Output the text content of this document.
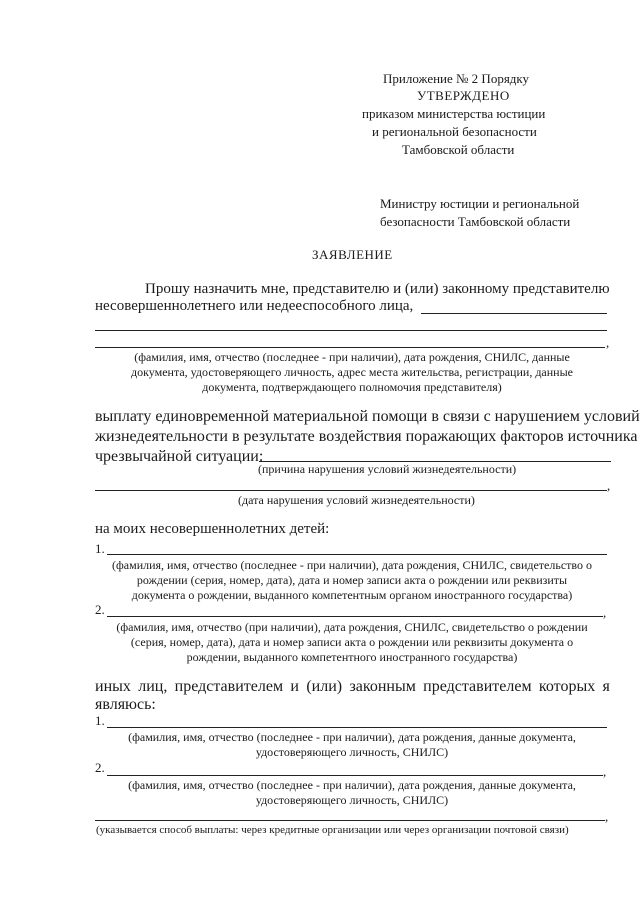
Приложение № 2 Порядку
УТВЕРЖДЕНО
приказом министерства юстиции
и региональной безопасности
Тамбовской области
Министру юстиции и региональной
безопасности Тамбовской области
ЗАЯВЛЕНИЕ
Прошу назначить мне, представителю и (или) законному представителю
несовершеннолетнего или недееспособного лица,
,
(фамилия, имя, отчество (последнее - при наличии), дата рождения, СНИЛС, данные
документа, удостоверяющего личность, адрес места жительства, регистрации, данные
документа, подтверждающего полномочия представителя)
выплату единовременной материальной помощи в связи с нарушением условий
жизнедеятельности в результате воздействия поражающих факторов источника
чрезвычайной ситуации:
(причина нарушения условий жизнедеятельности)
,
(дата нарушения условий жизнедеятельности)
на моих несовершеннолетних детей:
1.
(фамилия, имя, отчество (последнее - при наличии), дата рождения, СНИЛС, свидетельство о
рождении (серия, номер, дата), дата и номер записи акта о рождении или реквизиты
документа о рождении, выданного компетентным органом иностранного государства)
2.	,
(фамилия, имя, отчество (при наличии), дата рождения, СНИЛС, свидетельство о рождении
(серия, номер, дата), дата и номер записи акта о рождении или реквизиты документа о
рождении, выданного компетентного иностранного государства)
иных лиц, представителем и (или) законным представителем которых я
являюсь:
1.
(фамилия, имя, отчество (последнее - при наличии), дата рождения, данные документа,
удостоверяющего личность, СНИЛС)
2.	,
(фамилия, имя, отчество (последнее - при наличии), дата рождения, данные документа,
удостоверяющего личность, СНИЛС)
,
(указывается способ выплаты: через кредитные организации или через организации почтовой связи)
